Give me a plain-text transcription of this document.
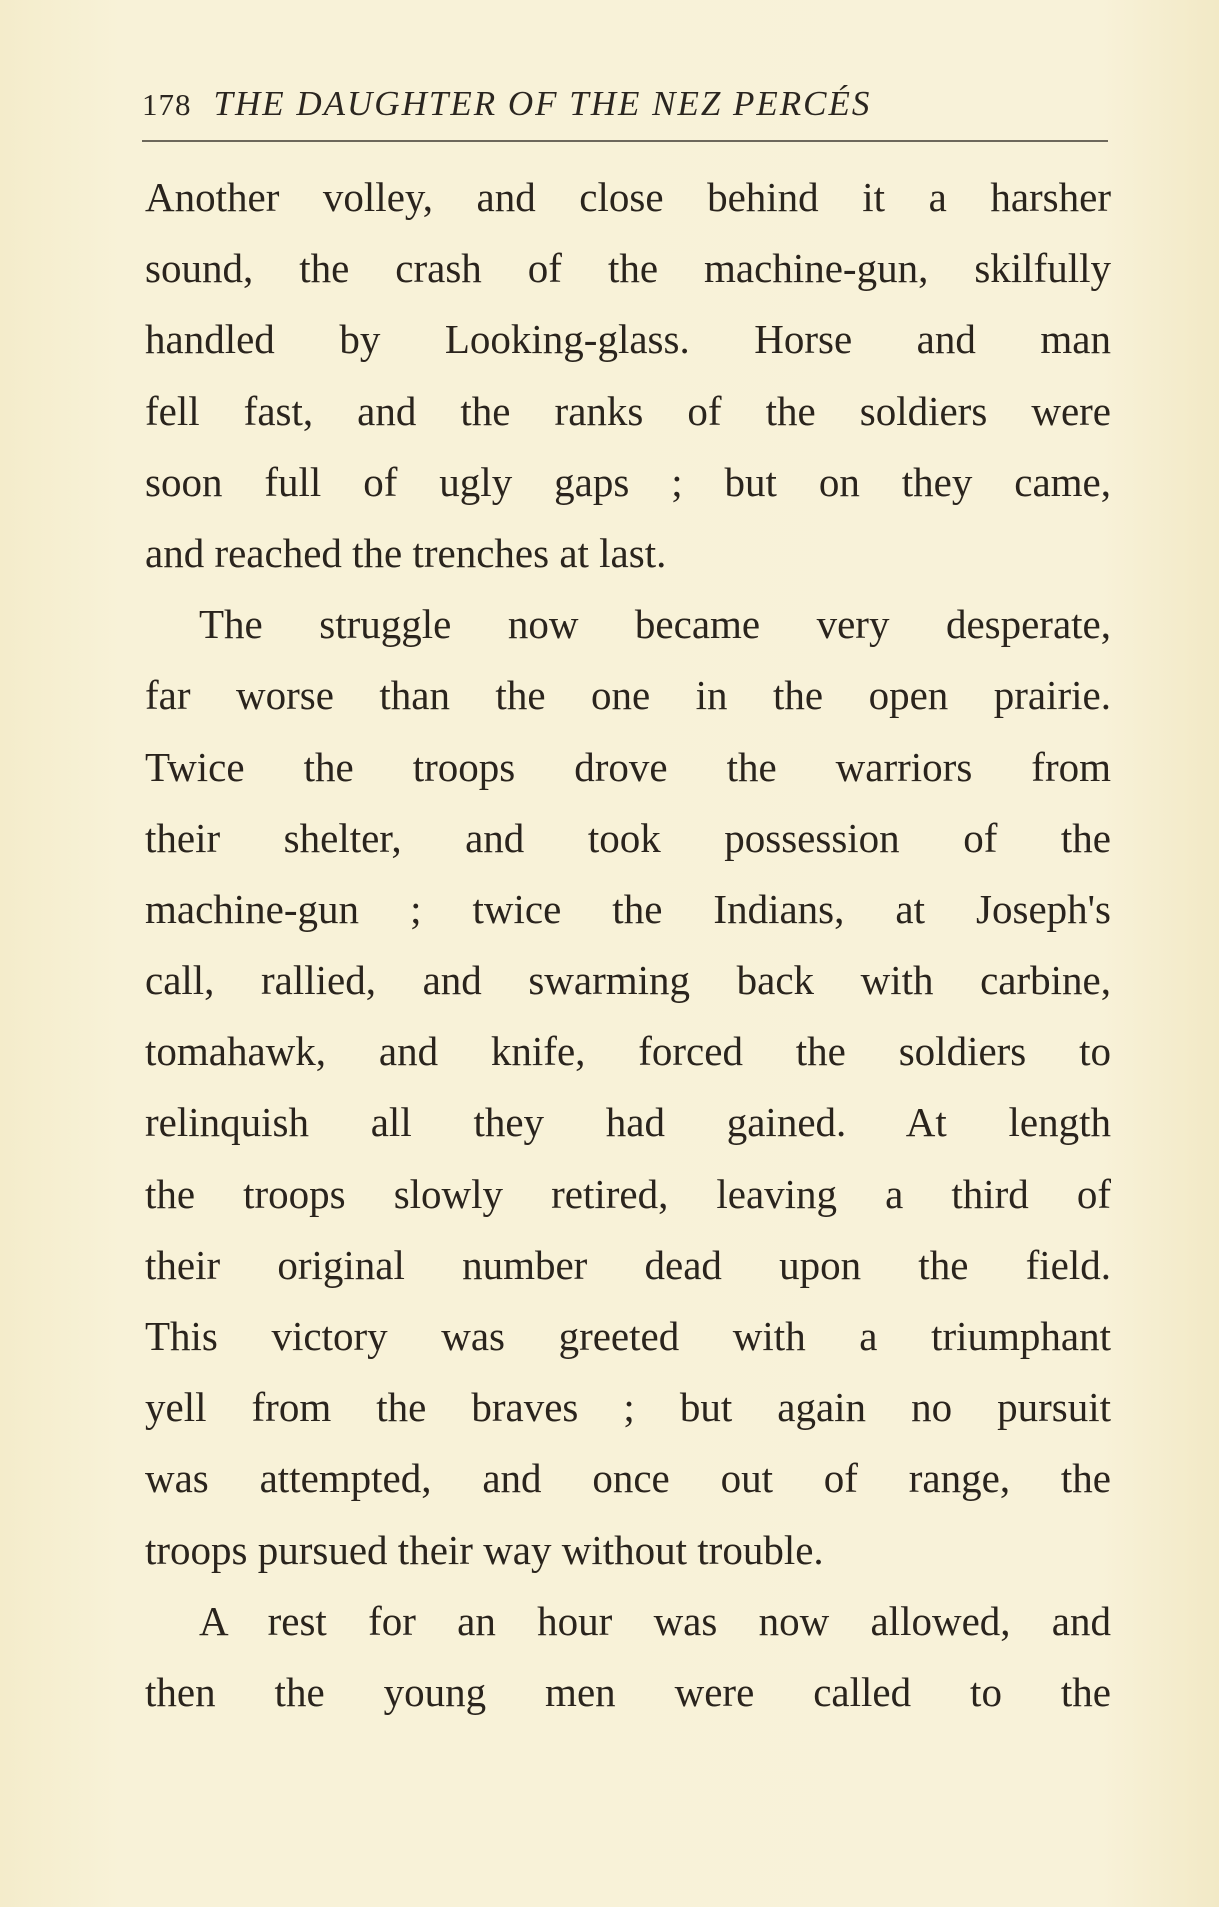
178 THE DAUGHTER OF THE NEZ PERCÉS
Another volley, and close behind it a harsher
sound, the crash of the machine-gun, skilfully
handled by Looking-glass. Horse and man
fell fast, and the ranks of the soldiers were
soon full of ugly gaps ; but on they came,
and reached the trenches at last.
The struggle now became very desperate,
far worse than the one in the open prairie.
Twice the troops drove the warriors from
their shelter, and took possession of the
machine-gun ; twice the Indians, at Joseph's
call, rallied, and swarming back with carbine,
tomahawk, and knife, forced the soldiers to
relinquish all they had gained. At length
the troops slowly retired, leaving a third of
their original number dead upon the field.
This victory was greeted with a triumphant
yell from the braves ; but again no pursuit
was attempted, and once out of range, the
troops pursued their way without trouble.
A rest for an hour was now allowed, and
then the young men were called to the
